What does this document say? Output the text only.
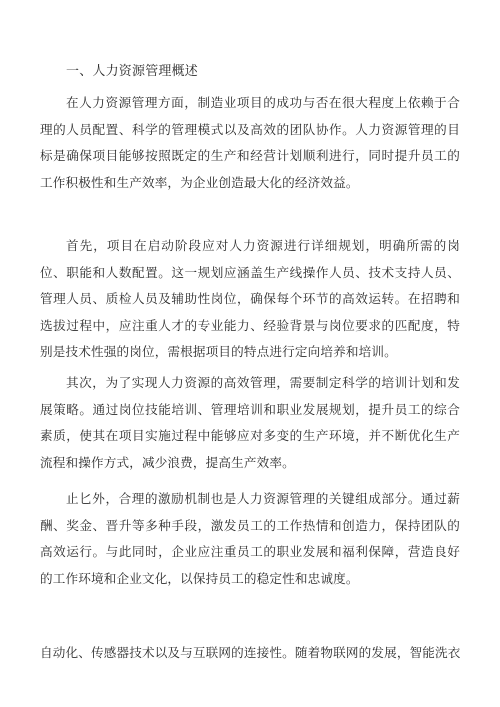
一、人力资源管理概述

在人力资源管理方面，制造业项目的成功与否在很大程度上依赖于合理的人员配置、科学的管理模式以及高效的团队协作。人力资源管理的目标是确保项目能够按照既定的生产和经营计划顺利进行，同时提升员工的工作积极性和生产效率，为企业创造最大化的经济效益。

首先，项目在启动阶段应对人力资源进行详细规划，明确所需的岗位、职能和人数配置。这一规划应涵盖生产线操作人员、技术支持人员、管理人员、质检人员及辅助性岗位，确保每个环节的高效运转。在招聘和选拔过程中，应注重人才的专业能力、经验背景与岗位要求的匹配度，特别是技术性强的岗位，需根据项目的特点进行定向培养和培训。

其次，为了实现人力资源的高效管理，需要制定科学的培训计划和发展策略。通过岗位技能培训、管理培训和职业发展规划，提升员工的综合素质，使其在项目实施过程中能够应对多变的生产环境，并不断优化生产流程和操作方式，减少浪费，提高生产效率。

止匕外，合理的激励机制也是人力资源管理的关键组成部分。通过薪酬、奖金、晋升等多种手段，激发员工的工作热情和创造力，保持团队的高效运行。与此同时，企业应注重员工的职业发展和福利保障，营造良好的工作环境和企业文化，以保持员工的稳定性和忠诚度。

自动化、传感器技术以及与互联网的连接性。随着物联网的发展，智能洗衣
